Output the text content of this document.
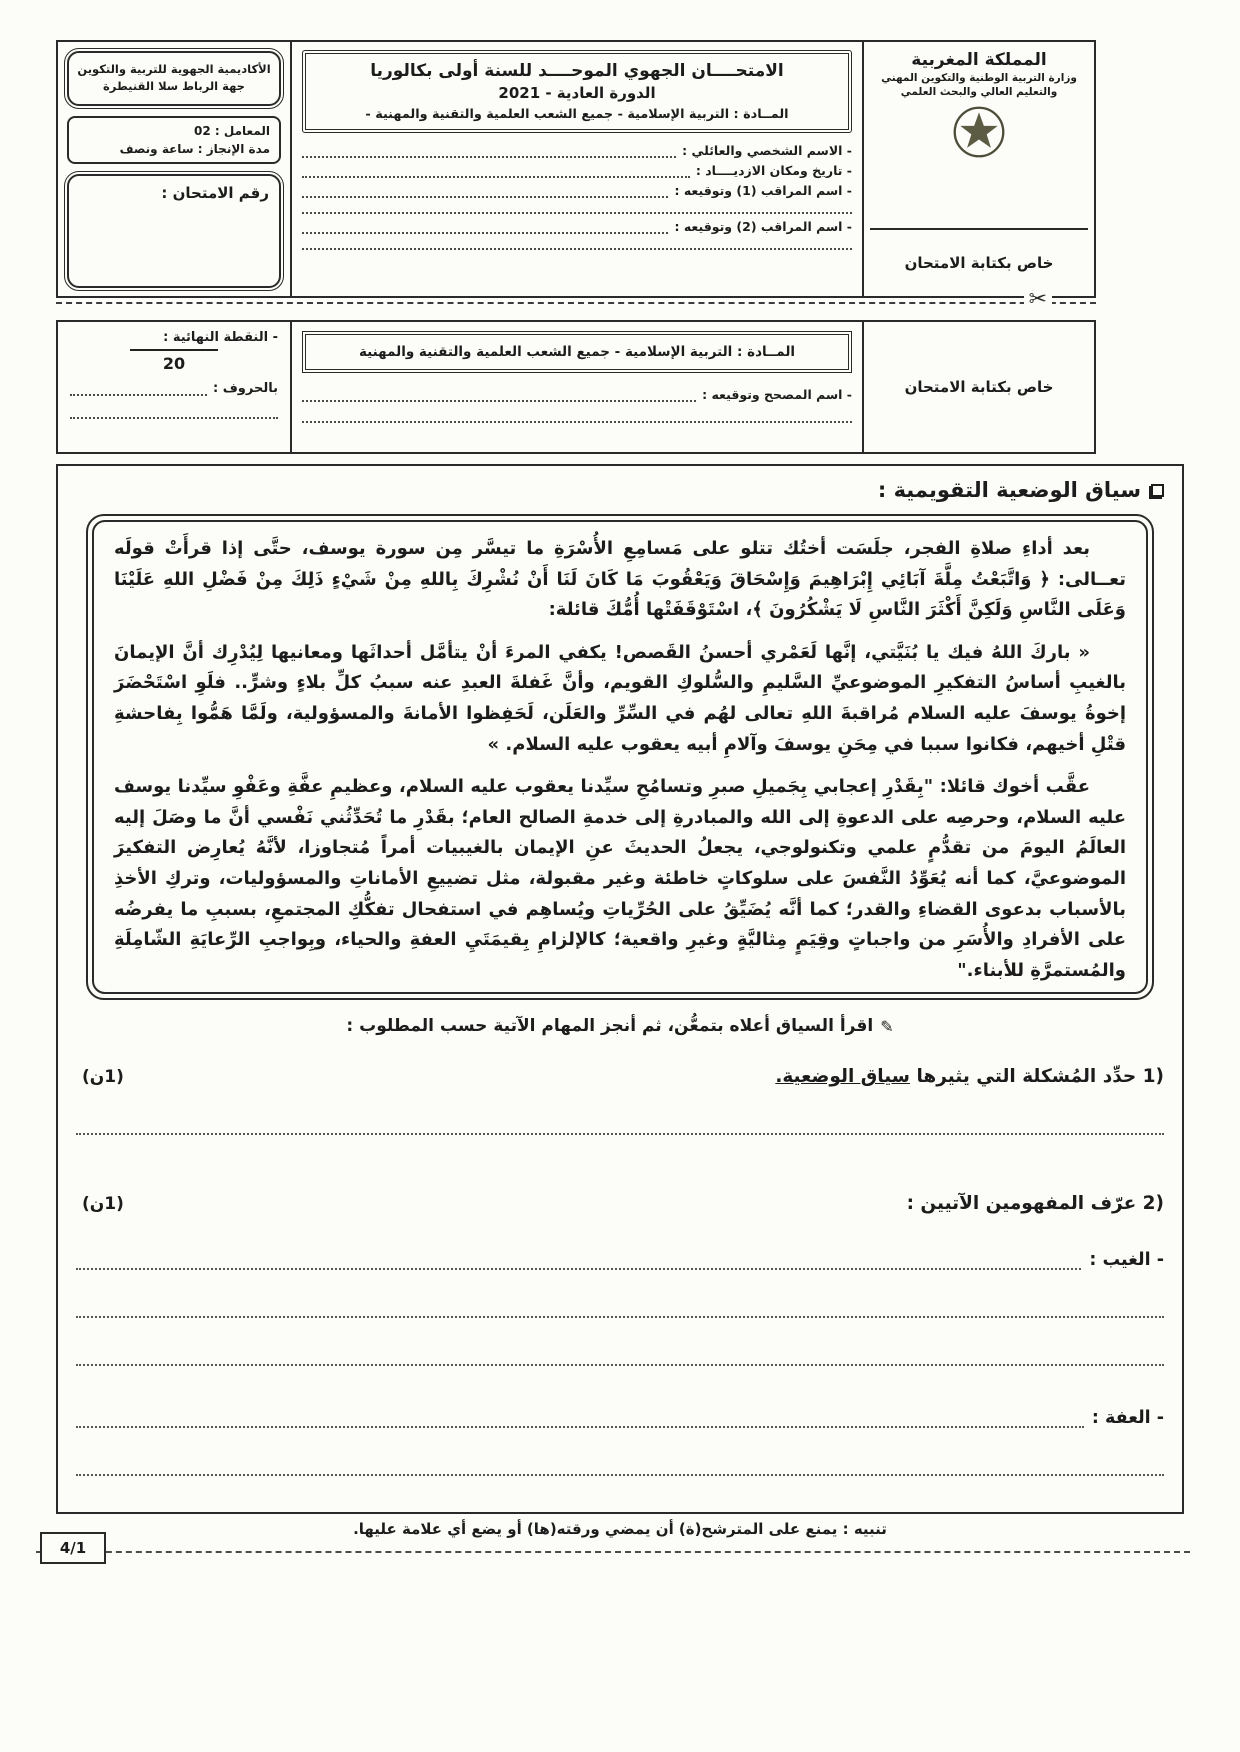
المملكة المغربية
وزارة التربية الوطنية والتكوين المهني
والتعليم العالي والبحث العلمي
خاص بكتابة الامتحان
الامتحــــان الجهوي الموحــــد للسنة أولى بكالوريا
الدورة العادية - 2021
المــادة : التربية الإسلامية - جميع الشعب العلمية والتقنية والمهنية -
- الاسم الشخصي والعائلي :
- تاريخ ومكان الازديــــاد :
- اسم المراقب (1) وتوقيعه :
- اسم المراقب (2) وتوقيعه :
الأكاديمية الجهوية للتربية والتكوين
جهة الرباط سلا القنيطرة
المعامل : 02
مدة الإنجاز : ساعة ونصف
رقم الامتحان :
✂
خاص بكتابة الامتحان
المــادة : التربية الإسلامية - جميع الشعب العلمية والتقنية والمهنية
- اسم المصحح وتوقيعه :
- النقطة النهائية :
20
بالحروف :
سياق الوضعية التقويمية :

بعد أداءِ صلاةِ الفجر، جلَسَت أختُك تتلو على مَسامِعِ الأُسْرَةِ ما تيسَّر مِن سورة يوسف، حتَّى إذا قرأَتْ قولَه تعــالى: ﴿ وَاتَّبَعْتُ مِلَّةَ آبَائِي إِبْرَاهِيمَ وَإِسْحَاقَ وَيَعْقُوبَ مَا كَانَ لَنَا أَنْ نُشْرِكَ بِاللهِ مِنْ شَيْءٍ ذَلِكَ مِنْ فَضْلِ اللهِ عَلَيْنَا وَعَلَى النَّاسِ وَلَكِنَّ أَكْثَرَ النَّاسِ لَا يَشْكُرُونَ ﴾، اسْتَوْقَفَتْها أُمُّكَ قائلة:

« باركَ اللهُ فيك يا بُنَيَّتي، إنَّها لَعَمْري أحسنُ القَصص! يكفي المرءَ أنْ يتأمَّل أحداثَها ومعانيها لِيُدْرِك أنَّ الإيمانَ بالغيبِ أساسُ التفكيرِ الموضوعيِّ السَّليمِ والسُّلوكِ القويم، وأنَّ غَفلةَ العبدِ عنه سببُ كلِّ بلاءٍ وشرٍّ.. فلَوِ اسْتَحْضَرَ إخوةُ يوسفَ عليه السلام مُراقبةَ اللهِ تعالى لهُم في السِّرِّ والعَلَن، لَحَفِظوا الأمانةَ والمسؤولية، ولَمَّا هَمُّوا بِفاحشةِ قتْلِ أخيهم، فكانوا سببا في مِحَنِ يوسفَ وآلامِ أبيه يعقوب عليه السلام. »

عقَّب أخوك قائلا: "بِقَدْرِ إعجابي بِجَميلِ صبرِ وتسامُحِ سيِّدنا يعقوب عليه السلام، وعظيمِ عفَّةِ وعَفْوِ سيِّدنا يوسف عليه السلام، وحرصِه على الدعوةِ إلى الله والمبادرةِ إلى خدمةِ الصالح العام؛ بقَدْرِ ما تُحَدِّثُني نَفْسي أنَّ ما وصَلَ إليه العالَمُ اليومَ من تقدُّمٍ علمي وتكنولوجي، يجعلُ الحديثَ عنِ الإيمان بالغيبيات أمراً مُتجاوزا، لأنَّهُ يُعارِض التفكيرَ الموضوعيَّ، كما أنه يُعَوِّدُ النَّفسَ على سلوكاتٍ خاطئة وغير مقبولة، مثل تضييعِ الأماناتِ والمسؤوليات، وتركِ الأخذِ بالأسباب بدعوى القضاءِ والقدر؛ كما أنَّه يُضَيِّقُ على الحُرِّياتِ ويُساهِم في استفحال تفكُّكِ المجتمعِ، بسببِ ما يفرضُه على الأفرادِ والأُسَرِ من واجباتٍ وقِيَمٍ مِثاليَّةٍ وغيرِ واقعية؛ كالإلزامِ بِقيمَتَيِ العفةِ والحياء، وبِواجبِ الرِّعايَةِ الشّامِلَةِ والمُستمرَّةِ للأبناء."

✎
اقرأ السياق أعلاه بتمعُّن، ثم أنجز المهام الآتية حسب المطلوب :
1) حدِّد المُشكلة التي يثيرها سياق الوضعية.
(1ن)
2) عرّف المفهومين الآتيين :
(1ن)
- الغيب :
- العفة :
تنبيه : يمنع على المترشح(ة) أن يمضي ورقته(ها) أو يضع أي علامة عليها.
4/1
